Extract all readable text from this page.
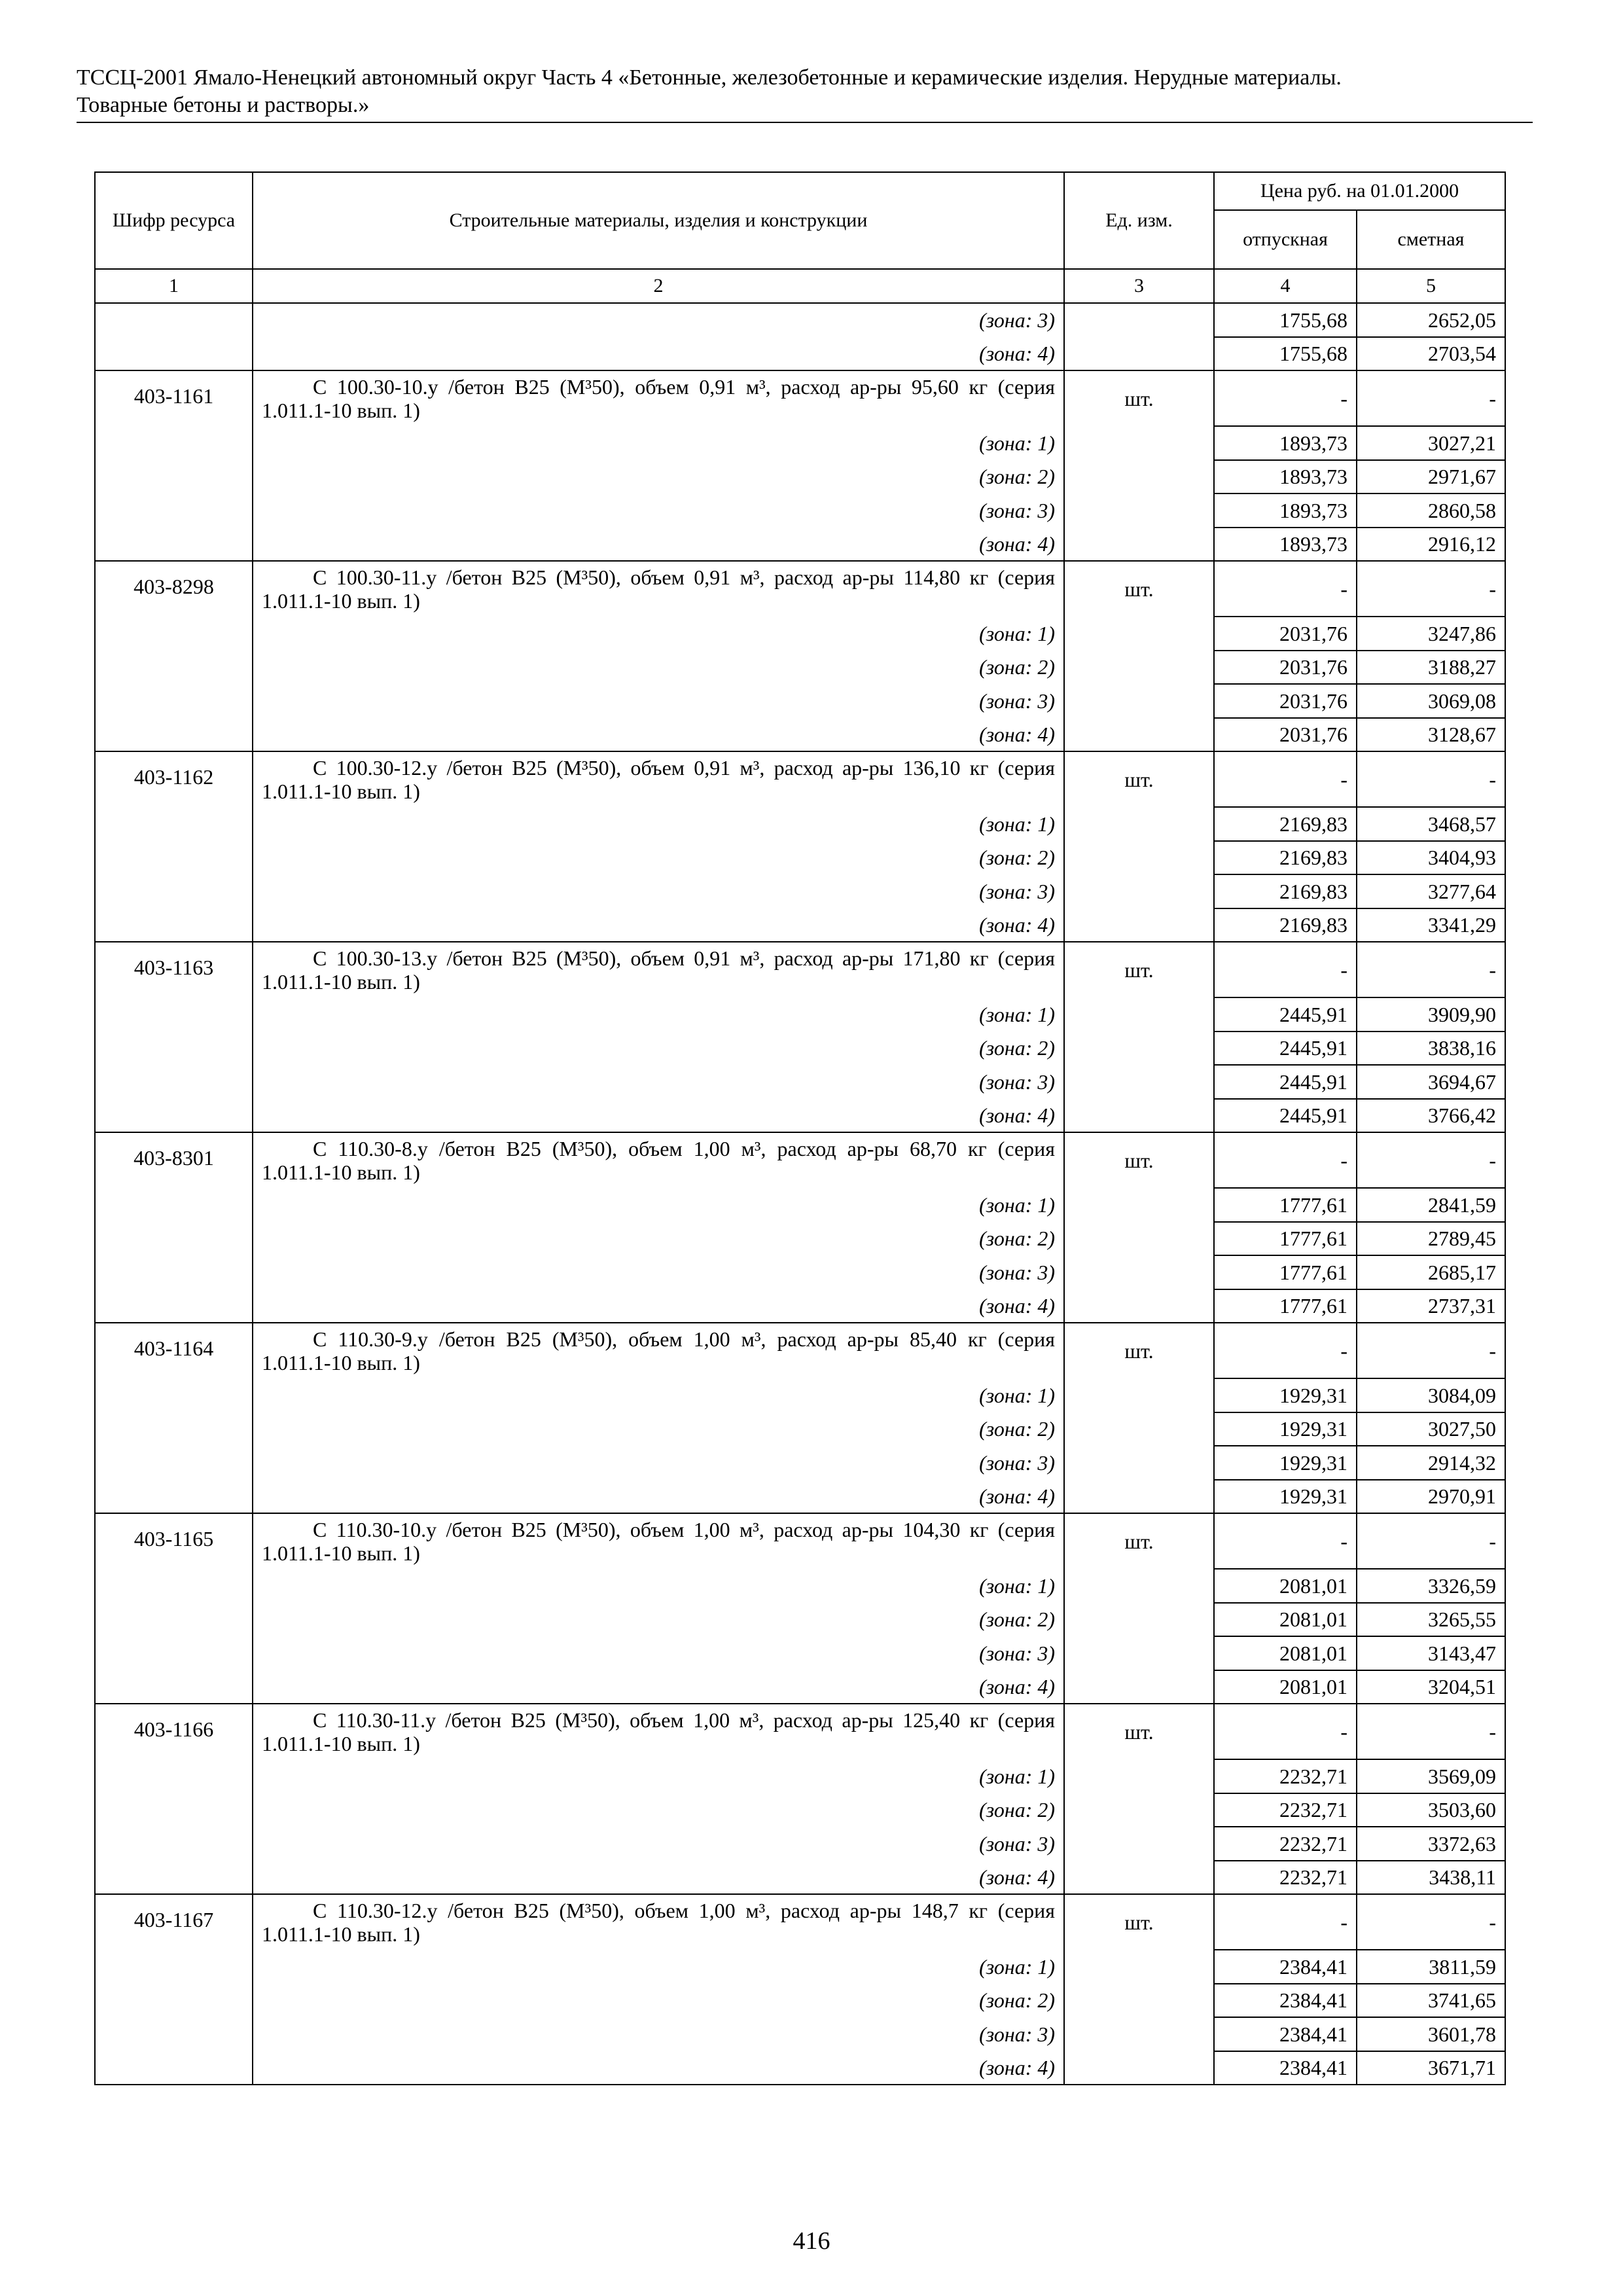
ТССЦ-2001 Ямало-Ненецкий автономный округ Часть 4 «Бетонные, железобетонные и керамические изделия. Нерудные материалы.
Товарные бетоны и растворы.»
Шифр ресурса	Строительные материалы, изделия и конструкции	Ед. изм.	Цена руб. на 01.01.2000	
			отпускная	сметная
1	2	3	4	5
	(зона: 3)		1755,68	2652,05
	(зона: 4)		1755,68	2703,54
403-1161	С 100.30-10.у /бетон В25 (М³50), объем 0,91 м³, расход ар-ры 95,60 кг (серия 1.011.1-10 вып. 1)	шт.	-	-
	(зона: 1)		1893,73	3027,21
	(зона: 2)		1893,73	2971,67
	(зона: 3)		1893,73	2860,58
	(зона: 4)		1893,73	2916,12
403-8298	С 100.30-11.у /бетон В25 (М³50), объем 0,91 м³, расход ар-ры 114,80 кг (серия 1.011.1-10 вып. 1)	шт.	-	-
	(зона: 1)		2031,76	3247,86
	(зона: 2)		2031,76	3188,27
	(зона: 3)		2031,76	3069,08
	(зона: 4)		2031,76	3128,67
403-1162	С 100.30-12.у /бетон В25 (М³50), объем 0,91 м³, расход ар-ры 136,10 кг (серия 1.011.1-10 вып. 1)	шт.	-	-
	(зона: 1)		2169,83	3468,57
	(зона: 2)		2169,83	3404,93
	(зона: 3)		2169,83	3277,64
	(зона: 4)		2169,83	3341,29
403-1163	С 100.30-13.у /бетон В25 (М³50), объем 0,91 м³, расход ар-ры 171,80 кг (серия 1.011.1-10 вып. 1)	шт.	-	-
	(зона: 1)		2445,91	3909,90
	(зона: 2)		2445,91	3838,16
	(зона: 3)		2445,91	3694,67
	(зона: 4)		2445,91	3766,42
403-8301	С 110.30-8.у /бетон В25 (М³50), объем 1,00 м³, расход ар-ры 68,70 кг (серия 1.011.1-10 вып. 1)	шт.	-	-
	(зона: 1)		1777,61	2841,59
	(зона: 2)		1777,61	2789,45
	(зона: 3)		1777,61	2685,17
	(зона: 4)		1777,61	2737,31
403-1164	С 110.30-9.у /бетон В25 (М³50), объем 1,00 м³, расход ар-ры 85,40 кг (серия 1.011.1-10 вып. 1)	шт.	-	-
	(зона: 1)		1929,31	3084,09
	(зона: 2)		1929,31	3027,50
	(зона: 3)		1929,31	2914,32
	(зона: 4)		1929,31	2970,91
403-1165	С 110.30-10.у /бетон В25 (М³50), объем 1,00 м³, расход ар-ры 104,30 кг (серия 1.011.1-10 вып. 1)	шт.	-	-
	(зона: 1)		2081,01	3326,59
	(зона: 2)		2081,01	3265,55
	(зона: 3)		2081,01	3143,47
	(зона: 4)		2081,01	3204,51
403-1166	С 110.30-11.у /бетон В25 (М³50), объем 1,00 м³, расход ар-ры 125,40 кг (серия 1.011.1-10 вып. 1)	шт.	-	-
	(зона: 1)		2232,71	3569,09
	(зона: 2)		2232,71	3503,60
	(зона: 3)		2232,71	3372,63
	(зона: 4)		2232,71	3438,11
403-1167	С 110.30-12.у /бетон В25 (М³50), объем 1,00 м³, расход ар-ры 148,7 кг (серия 1.011.1-10 вып. 1)	шт.	-	-
	(зона: 1)		2384,41	3811,59
	(зона: 2)		2384,41	3741,65
	(зона: 3)		2384,41	3601,78
	(зона: 4)		2384,41	3671,71
416
